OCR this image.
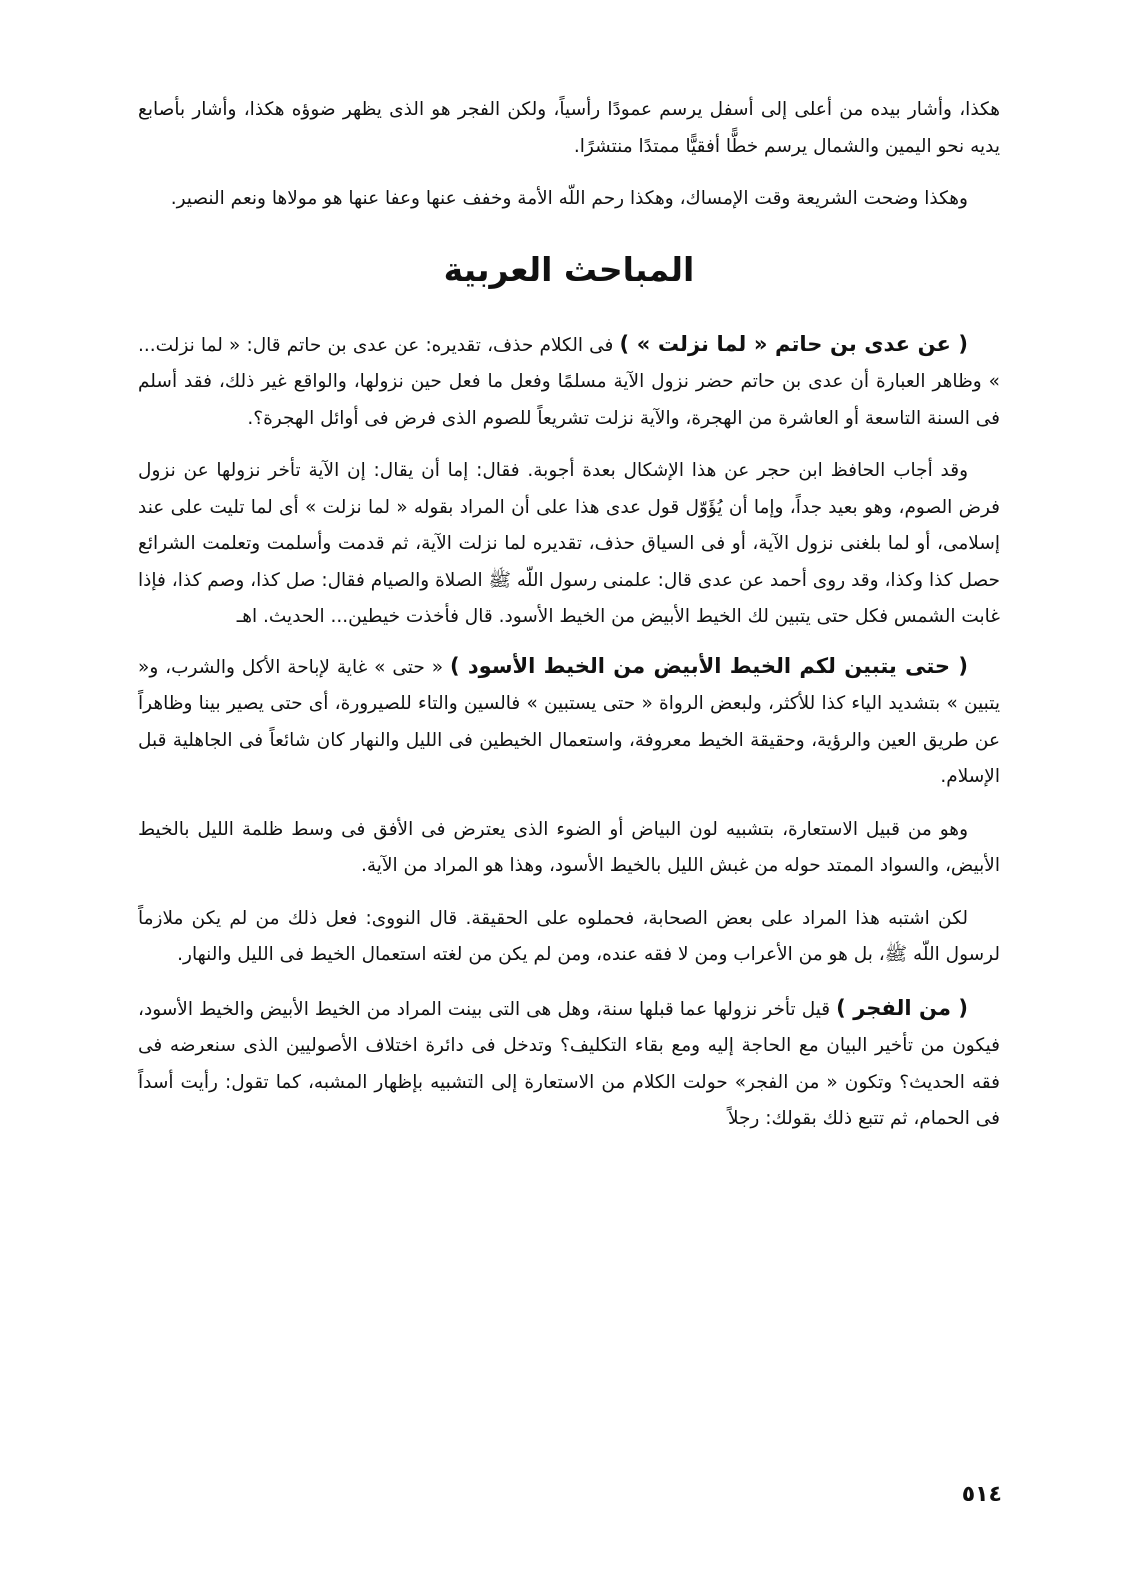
هكذا، وأشار بيده من أعلى إلى أسفل يرسم عمودًا رأسياً، ولكن الفجر هو الذى يظهر ضوؤه هكذا، وأشار بأصابع يديه نحو اليمين والشمال يرسم خطًّا أفقيًّا ممتدًا منتشرًا.

وهكذا وضحت الشريعة وقت الإمساك، وهكذا رحم اللّه الأمة وخفف عنها وعفا عنها هو مولاها ونعم النصير.

المباحث العربية

( عن عدى بن حاتم « لما نزلت » ) فى الكلام حذف، تقديره: عن عدى بن حاتم قال: « لما نزلت... » وظاهر العبارة أن عدى بن حاتم حضر نزول الآية مسلمًا وفعل ما فعل حين نزولها، والواقع غير ذلك، فقد أسلم فى السنة التاسعة أو العاشرة من الهجرة، والآية نزلت تشريعاً للصوم الذى فرض فى أوائل الهجرة؟.

وقد أجاب الحافظ ابن حجر عن هذا الإشكال بعدة أجوبة. فقال: إما أن يقال: إن الآية تأخر نزولها عن نزول فرض الصوم، وهو بعيد جداً، وإما أن يُؤَوّل قول عدى هذا على أن المراد بقوله « لما نزلت » أى لما تليت على عند إسلامى، أو لما بلغنى نزول الآية، أو فى السياق حذف، تقديره لما نزلت الآية، ثم قدمت وأسلمت وتعلمت الشرائع حصل كذا وكذا، وقد روى أحمد عن عدى قال: علمنى رسول اللّه ﷺ الصلاة والصيام فقال: صل كذا، وصم كذا، فإذا غابت الشمس فكل حتى يتبين لك الخيط الأبيض من الخيط الأسود. قال فأخذت خيطين... الحديث. اهـ

( حتى يتبين لكم الخيط الأبيض من الخيط الأسود ) « حتى » غاية لإباحة الأكل والشرب، و« يتبين » بتشديد الياء كذا للأكثر، ولبعض الرواة « حتى يستبين » فالسين والتاء للصيرورة، أى حتى يصير بينا وظاهراً عن طريق العين والرؤية، وحقيقة الخيط معروفة، واستعمال الخيطين فى الليل والنهار كان شائعاً فى الجاهلية قبل الإسلام.

وهو من قبيل الاستعارة، بتشبيه لون البياض أو الضوء الذى يعترض فى الأفق فى وسط ظلمة الليل بالخيط الأبيض، والسواد الممتد حوله من غبش الليل بالخيط الأسود، وهذا هو المراد من الآية.

لكن اشتبه هذا المراد على بعض الصحابة، فحملوه على الحقيقة. قال النووى: فعل ذلك من لم يكن ملازماً لرسول اللّه ﷺ، بل هو من الأعراب ومن لا فقه عنده، ومن لم يكن من لغته استعمال الخيط فى الليل والنهار.

( من الفجر ) قيل تأخر نزولها عما قبلها سنة، وهل هى التى بينت المراد من الخيط الأبيض والخيط الأسود، فيكون من تأخير البيان مع الحاجة إليه ومع بقاء التكليف؟ وتدخل فى دائرة اختلاف الأصوليين الذى سنعرضه فى فقه الحديث؟ وتكون « من الفجر» حولت الكلام من الاستعارة إلى التشبيه بإظهار المشبه، كما تقول: رأيت أسداً فى الحمام، ثم تتبع ذلك بقولك: رجلاً

٥١٤
